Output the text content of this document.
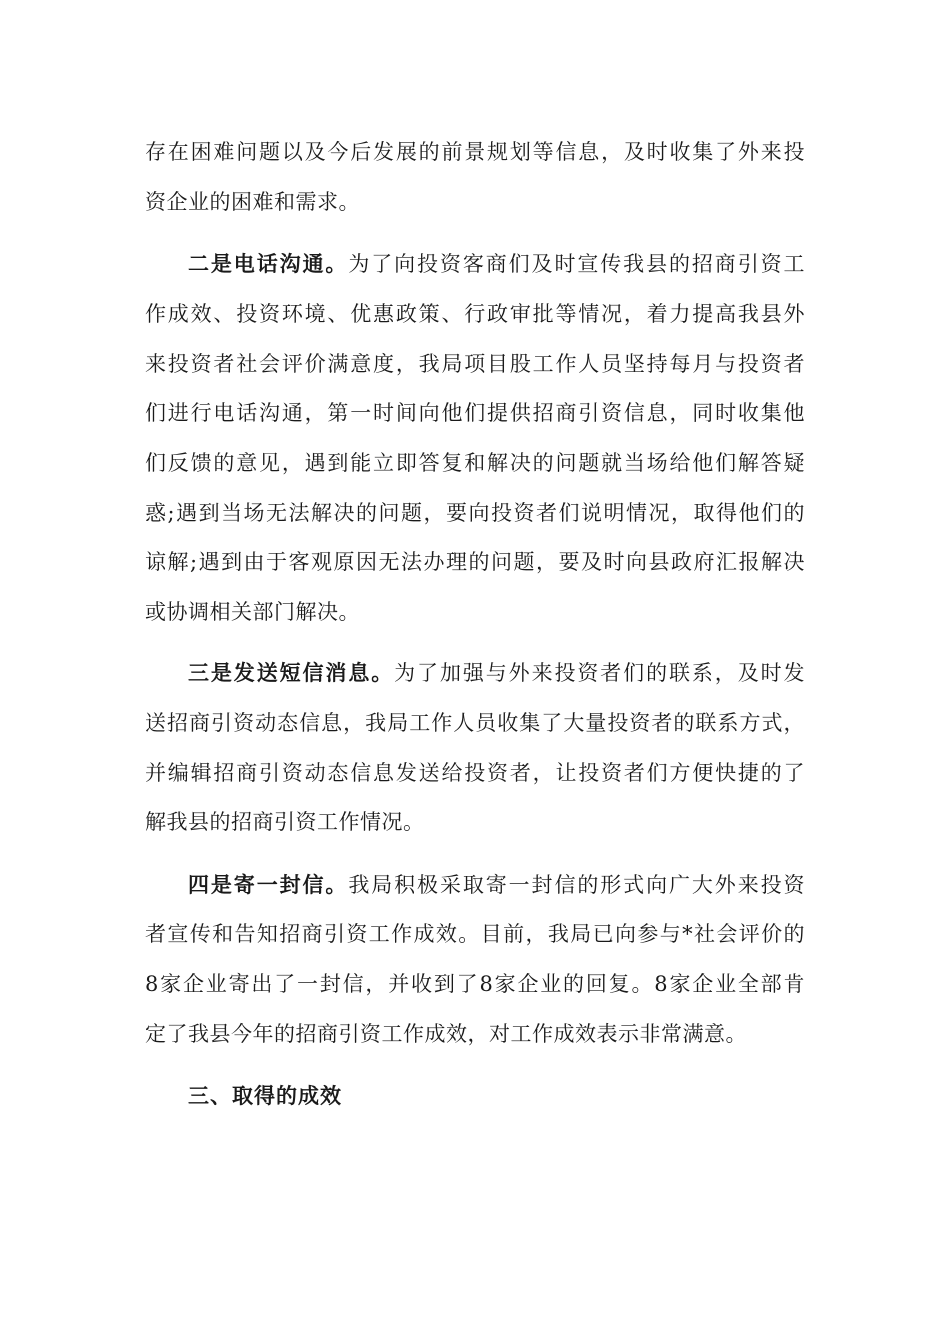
存在困难问题以及今后发展的前景规划等信息，及时收集了外来投
资企业的困难和需求。
二是电话沟通。为了向投资客商们及时宣传我县的招商引资工
作成效、投资环境、优惠政策、行政审批等情况，着力提高我县外
来投资者社会评价满意度，我局项目股工作人员坚持每月与投资者
们进行电话沟通，第一时间向他们提供招商引资信息，同时收集他
们反馈的意见，遇到能立即答复和解决的问题就当场给他们解答疑
惑;遇到当场无法解决的问题，要向投资者们说明情况，取得他们的
谅解;遇到由于客观原因无法办理的问题，要及时向县政府汇报解决
或协调相关部门解决。
三是发送短信消息。为了加强与外来投资者们的联系，及时发
送招商引资动态信息，我局工作人员收集了大量投资者的联系方式，
并编辑招商引资动态信息发送给投资者，让投资者们方便快捷的了
解我县的招商引资工作情况。
四是寄一封信。我局积极采取寄一封信的形式向广大外来投资
者宣传和告知招商引资工作成效。目前，我局已向参与*社会评价的
8家企业寄出了一封信，并收到了8家企业的回复。8家企业全部肯
定了我县今年的招商引资工作成效，对工作成效表示非常满意。
三、取得的成效
